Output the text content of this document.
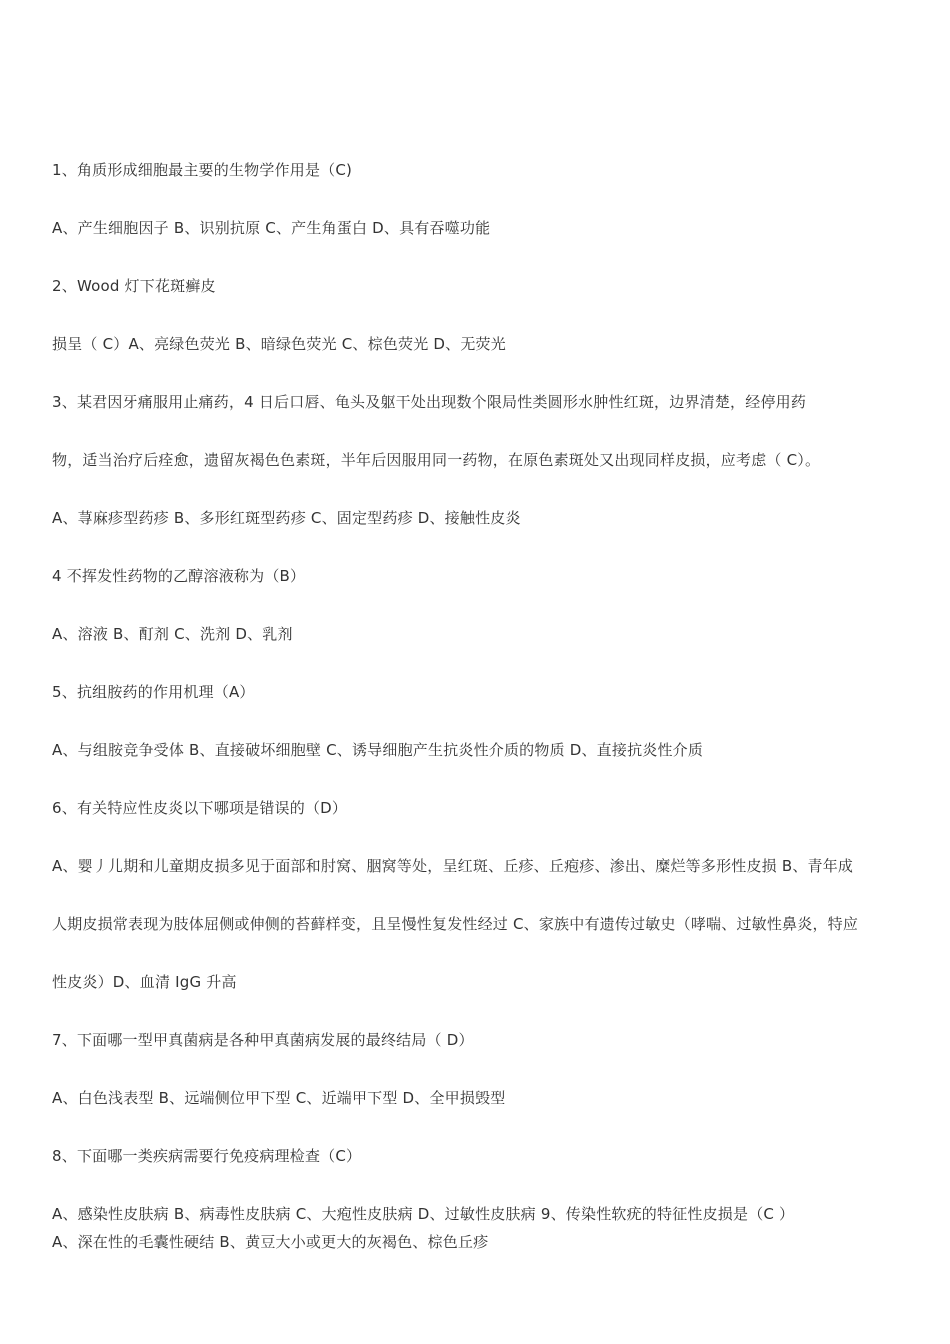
1、角质形成细胞最主要的生物学作用是（C)
A、产生细胞因子 B、识别抗原 C、产生角蛋白 D、具有吞噬功能
2、Wood 灯下花斑癣皮
损呈（ C）A、亮绿色荧光 B、暗绿色荧光 C、棕色荧光 D、无荧光
3、某君因牙痛服用止痛药，4 日后口唇、龟头及躯干处出现数个限局性类圆形水肿性红斑，边界清楚，经停用药
物，适当治疗后痊愈，遗留灰褐色色素斑，半年后因服用同一药物，在原色素斑处又出现同样皮损，应考虑（ C）。
A、荨麻疹型药疹 B、多形红斑型药疹 C、固定型药疹 D、接触性皮炎
4 不挥发性药物的乙醇溶液称为（B）
A、溶液 B、酊剂 C、洗剂 D、乳剂
5、抗组胺药的作用机理（A）
A、与组胺竞争受体 B、直接破坏细胞壁 C、诱导细胞产生抗炎性介质的物质 D、直接抗炎性介质
6、有关特应性皮炎以下哪项是错误的（D）
A、婴丿儿期和儿童期皮损多见于面部和肘窝、胭窝等处，呈红斑、丘疹、丘疱疹、渗出、糜烂等多形性皮损 B、青年成
人期皮损常表现为肢体屈侧或伸侧的苔藓样变，且呈慢性复发性经过 C、家族中有遗传过敏史（哮喘、过敏性鼻炎，特应
性皮炎）D、血清 IgG 升高
7、下面哪一型甲真菌病是各种甲真菌病发展的最终结局（ D）
A、白色浅表型 B、远端侧位甲下型 C、近端甲下型 D、全甲损毁型
8、下面哪一类疾病需要行免疫病理检查（C）
A、感染性皮肤病 B、病毒性皮肤病 C、大疱性皮肤病 D、过敏性皮肤病 9、传染性软疣的特征性皮损是（C ）
A、深在性的毛囊性硬结 B、黄豆大小或更大的灰褐色、棕色丘疹
